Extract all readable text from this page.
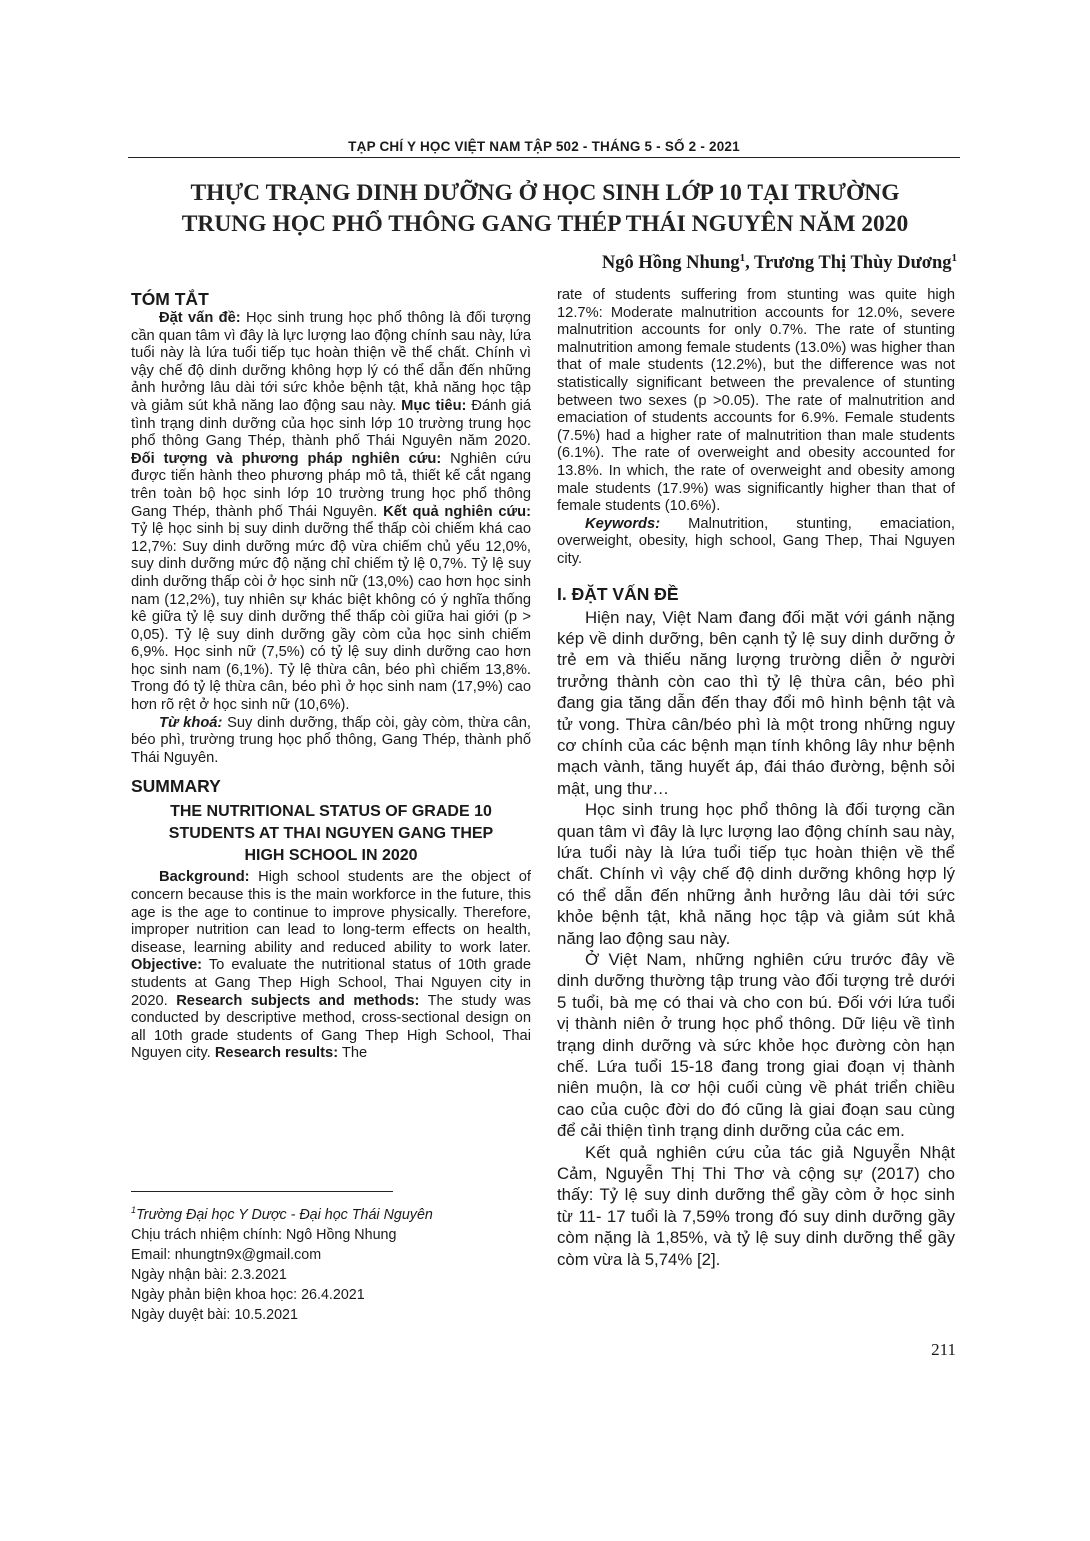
TẠP CHÍ Y HỌC VIỆT NAM TẬP 502 - THÁNG 5 - SỐ 2 - 2021
THỰC TRẠNG DINH DƯỠNG Ở HỌC SINH LỚP 10 TẠI TRƯỜNG
TRUNG HỌC PHỔ THÔNG GANG THÉP THÁI NGUYÊN NĂM 2020
Ngô Hồng Nhung$^1$, Trương Thị Thùy Dương$^1$
TÓM TẮT

Đặt vấn đề: Học sinh trung học phổ thông là đối tượng cần quan tâm vì đây là lực lượng lao động chính sau này, lứa tuổi này là lứa tuổi tiếp tục hoàn thiện về thể chất. Chính vì vậy chế độ dinh dưỡng không hợp lý có thể dẫn đến những ảnh hưởng lâu dài tới sức khỏe bệnh tật, khả năng học tập và giảm sút khả năng lao động sau này. Mục tiêu: Đánh giá tình trạng dinh dưỡng của học sinh lớp 10 trường trung học phổ thông Gang Thép, thành phố Thái Nguyên năm 2020. Đối tượng và phương pháp nghiên cứu: Nghiên cứu được tiến hành theo phương pháp mô tả, thiết kế cắt ngang trên toàn bộ học sinh lớp 10 trường trung học phổ thông Gang Thép, thành phố Thái Nguyên. Kết quả nghiên cứu: Tỷ lệ học sinh bị suy dinh dưỡng thể thấp còi chiếm khá cao 12,7%: Suy dinh dưỡng mức độ vừa chiếm chủ yếu 12,0%, suy dinh dưỡng mức độ nặng chỉ chiếm tỷ lệ 0,7%. Tỷ lệ suy dinh dưỡng thấp còi ở học sinh nữ (13,0%) cao hơn học sinh nam (12,2%), tuy nhiên sự khác biệt không có ý nghĩa thống kê giữa tỷ lệ suy dinh dưỡng thể thấp còi giữa hai giới (p > 0,05). Tỷ lệ suy dinh dưỡng gầy còm của học sinh chiếm 6,9%. Học sinh nữ (7,5%) có tỷ lệ suy dinh dưỡng cao hơn học sinh nam (6,1%). Tỷ lệ thừa cân, béo phì chiếm 13,8%. Trong đó tỷ lệ thừa cân, béo phì ở học sinh nam (17,9%) cao hơn rõ rệt ở học sinh nữ (10,6%).

Từ khoá: Suy dinh dưỡng, thấp còi, gày còm, thừa cân, béo phì, trường trung học phổ thông, Gang Thép, thành phố Thái Nguyên.

SUMMARY
THE NUTRITIONAL STATUS OF GRADE 10
STUDENTS AT THAI NGUYEN GANG THEP
HIGH SCHOOL IN 2020

Background: High school students are the object of concern because this is the main workforce in the future, this age is the age to continue to improve physically. Therefore, improper nutrition can lead to long-term effects on health, disease, learning ability and reduced ability to work later. Objective: To evaluate the nutritional status of 10th grade students at Gang Thep High School, Thai Nguyen city in 2020. Research subjects and methods: The study was conducted by descriptive method, cross-sectional design on all 10th grade students of Gang Thep High School, Thai Nguyen city. Research results: The

$^1$Trường Đại học Y Dược - Đại học Thái Nguyên
Chịu trách nhiệm chính: Ngô Hồng Nhung
Email: nhungtn9x@gmail.com
Ngày nhận bài: 2.3.2021
Ngày phản biện khoa học: 26.4.2021
Ngày duyệt bài: 10.5.2021

rate of students suffering from stunting was quite high 12.7%: Moderate malnutrition accounts for 12.0%, severe malnutrition accounts for only 0.7%. The rate of stunting malnutrition among female students (13.0%) was higher than that of male students (12.2%), but the difference was not statistically significant between the prevalence of stunting between two sexes (p >0.05). The rate of malnutrition and emaciation of students accounts for 6.9%. Female students (7.5%) had a higher rate of malnutrition than male students (6.1%). The rate of overweight and obesity accounted for 13.8%. In which, the rate of overweight and obesity among male students (17.9%) was significantly higher than that of female students (10.6%).

Keywords: Malnutrition, stunting, emaciation, overweight, obesity, high school, Gang Thep, Thai Nguyen city.

I. ĐẶT VẤN ĐỀ

Hiện nay, Việt Nam đang đối mặt với gánh nặng kép về dinh dưỡng, bên cạnh tỷ lệ suy dinh dưỡng ở trẻ em và thiếu năng lượng trường diễn ở người trưởng thành còn cao thì tỷ lệ thừa cân, béo phì đang gia tăng dẫn đến thay đổi mô hình bệnh tật và tử vong. Thừa cân/béo phì là một trong những nguy cơ chính của các bệnh mạn tính không lây như bệnh mạch vành, tăng huyết áp, đái tháo đường, bệnh sỏi mật, ung thư…

Học sinh trung học phổ thông là đối tượng cần quan tâm vì đây là lực lượng lao động chính sau này, lứa tuổi này là lứa tuổi tiếp tục hoàn thiện về thể chất. Chính vì vậy chế độ dinh dưỡng không hợp lý có thể dẫn đến những ảnh hưởng lâu dài tới sức khỏe bệnh tật, khả năng học tập và giảm sút khả năng lao động sau này.

Ở Việt Nam, những nghiên cứu trước đây về dinh dưỡng thường tập trung vào đối tượng trẻ dưới 5 tuổi, bà mẹ có thai và cho con bú. Đối với lứa tuổi vị thành niên ở trung học phổ thông. Dữ liệu về tình trạng dinh dưỡng và sức khỏe học đường còn hạn chế. Lứa tuổi 15-18 đang trong giai đoạn vị thành niên muộn, là cơ hội cuối cùng về phát triển chiều cao của cuộc đời do đó cũng là giai đoạn sau cùng để cải thiện tình trạng dinh dưỡng của các em.

Kết quả nghiên cứu của tác giả Nguyễn Nhật Cảm, Nguyễn Thị Thi Thơ và cộng sự (2017) cho thấy: Tỷ lệ suy dinh dưỡng thể gầy còm ở học sinh từ 11- 17 tuổi là 7,59% trong đó suy dinh dưỡng gầy còm nặng là 1,85%, và tỷ lệ suy dinh dưỡng thể gầy còm vừa là 5,74% [2].

211
